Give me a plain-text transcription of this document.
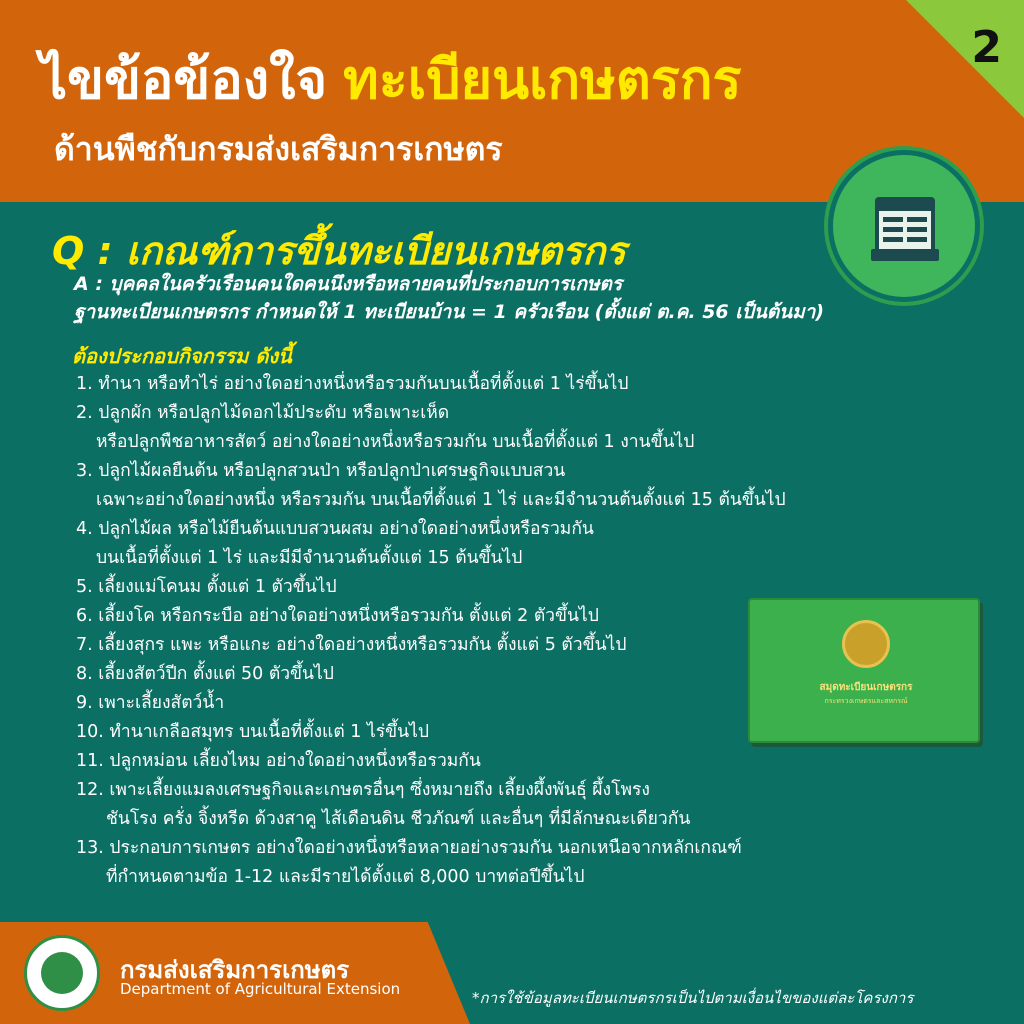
ไขข้อข้องใจ ทะเบียนเกษตรกร
ด้านพืชกับกรมส่งเสริมการเกษตร
2
Q : เกณฑ์การขึ้นทะเบียนเกษตรกร
A : บุคคลในครัวเรือนคนใดคนนึงหรือหลายคนที่ประกอบการเกษตร
ฐานทะเบียนเกษตรกร กำหนดให้ 1 ทะเบียนบ้าน = 1 ครัวเรือน (ตั้งแต่ ต.ค. 56 เป็นต้นมา)
ต้องประกอบกิจกรรม ดังนี้
1. ทำนา หรือทำไร่ อย่างใดอย่างหนึ่งหรือรวมกันบนเนื้อที่ตั้งแต่ 1 ไร่ขึ้นไป
2. ปลูกผัก หรือปลูกไม้ดอกไม้ประดับ หรือเพาะเห็ด
หรือปลูกพืชอาหารสัตว์ อย่างใดอย่างหนึ่งหรือรวมกัน บนเนื้อที่ตั้งแต่ 1 งานขึ้นไป
3. ปลูกไม้ผลยืนต้น หรือปลูกสวนป่า หรือปลูกป่าเศรษฐกิจแบบสวน
เฉพาะอย่างใดอย่างหนึ่ง หรือรวมกัน บนเนื้อที่ตั้งแต่ 1 ไร่ และมีจำนวนต้นตั้งแต่ 15 ต้นขึ้นไป
4. ปลูกไม้ผล หรือไม้ยืนต้นแบบสวนผสม อย่างใดอย่างหนึ่งหรือรวมกัน
บนเนื้อที่ตั้งแต่ 1 ไร่ และมีมีจำนวนต้นตั้งแต่ 15 ต้นขึ้นไป
5. เลี้ยงแม่โคนม ตั้งแต่ 1 ตัวขึ้นไป
6. เลี้ยงโค หรือกระบือ อย่างใดอย่างหนึ่งหรือรวมกัน ตั้งแต่ 2 ตัวขึ้นไป
7. เลี้ยงสุกร แพะ หรือแกะ อย่างใดอย่างหนึ่งหรือรวมกัน ตั้งแต่ 5 ตัวขึ้นไป
8. เลี้ยงสัตว์ปีก ตั้งแต่ 50 ตัวขึ้นไป
9. เพาะเลี้ยงสัตว์น้ำ
10. ทำนาเกลือสมุทร บนเนื้อที่ตั้งแต่ 1 ไร่ขึ้นไป
11. ปลูกหม่อน เลี้ยงไหม อย่างใดอย่างหนึ่งหรือรวมกัน
12. เพาะเลี้ยงแมลงเศรษฐกิจและเกษตรอื่นๆ ซึ่งหมายถึง เลี้ยงผึ้งพันธุ์ ผึ้งโพรง
ชันโรง ครั่ง จิ้งหรีด ด้วงสาคู ไส้เดือนดิน ชีวภัณฑ์ และอื่นๆ ที่มีลักษณะเดียวกัน
13. ประกอบการเกษตร อย่างใดอย่างหนึ่งหรือหลายอย่างรวมกัน นอกเหนือจากหลักเกณฑ์
ที่กำหนดตามข้อ 1-12 และมีรายได้ตั้งแต่ 8,000 บาทต่อปีขึ้นไป
สมุดทะเบียนเกษตรกร
กระทรวงเกษตรและสหกรณ์
กรมส่งเสริมการเกษตร
Department of Agricultural Extension	*การใช้ข้อมูลทะเบียนเกษตรกรเป็นไปตามเงื่อนไขของแต่ละโครงการ
